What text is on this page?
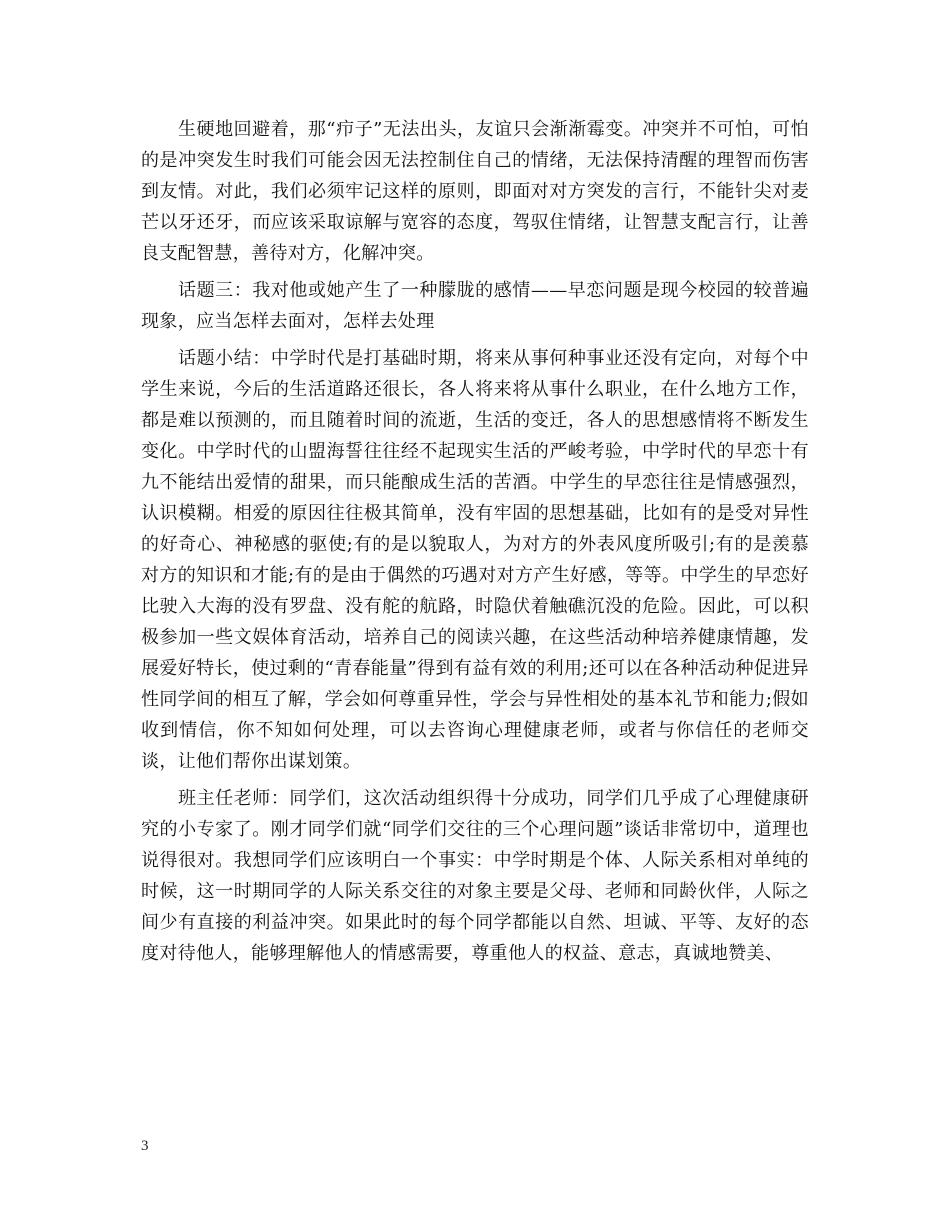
生硬地回避着，那“疖子”无法出头，友谊只会渐渐霉变。冲突并不可怕，可怕的是冲突发生时我们可能会因无法控制住自己的情绪，无法保持清醒的理智而伤害到友情。对此，我们必须牢记这样的原则，即面对对方突发的言行，不能针尖对麦芒以牙还牙，而应该采取谅解与宽容的态度，驾驭住情绪，让智慧支配言行，让善良支配智慧，善待对方，化解冲突。

话题三：我对他或她产生了一种朦胧的感情——早恋问题是现今校园的较普遍现象，应当怎样去面对，怎样去处理

话题小结：中学时代是打基础时期，将来从事何种事业还没有定向，对每个中学生来说，今后的生活道路还很长，各人将来将从事什么职业，在什么地方工作，都是难以预测的，而且随着时间的流逝，生活的变迁，各人的思想感情将不断发生变化。中学时代的山盟海誓往往经不起现实生活的严峻考验，中学时代的早恋十有九不能结出爱情的甜果，而只能酿成生活的苦酒。中学生的早恋往往是情感强烈，认识模糊。相爱的原因往往极其简单，没有牢固的思想基础，比如有的是受对异性的好奇心、神秘感的驱使;有的是以貌取人，为对方的外表风度所吸引;有的是羡慕对方的知识和才能;有的是由于偶然的巧遇对对方产生好感，等等。中学生的早恋好比驶入大海的没有罗盘、没有舵的航路，时隐伏着触礁沉没的危险。因此，可以积极参加一些文娱体育活动，培养自己的阅读兴趣，在这些活动种培养健康情趣，发展爱好特长，使过剩的“青春能量”得到有益有效的利用;还可以在各种活动种促进异性同学间的相互了解，学会如何尊重异性，学会与异性相处的基本礼节和能力;假如收到情信，你不知如何处理，可以去咨询心理健康老师，或者与你信任的老师交谈，让他们帮你出谋划策。

班主任老师：同学们，这次活动组织得十分成功，同学们几乎成了心理健康研究的小专家了。刚才同学们就“同学们交往的三个心理问题”谈话非常切中，道理也说得很对。我想同学们应该明白一个事实：中学时期是个体、人际关系相对单纯的时候，这一时期同学的人际关系交往的对象主要是父母、老师和同龄伙伴，人际之间少有直接的利益冲突。如果此时的每个同学都能以自然、坦诚、平等、友好的态度对待他人，能够理解他人的情感需要，尊重他人的权益、意志，真诚地赞美、

3
